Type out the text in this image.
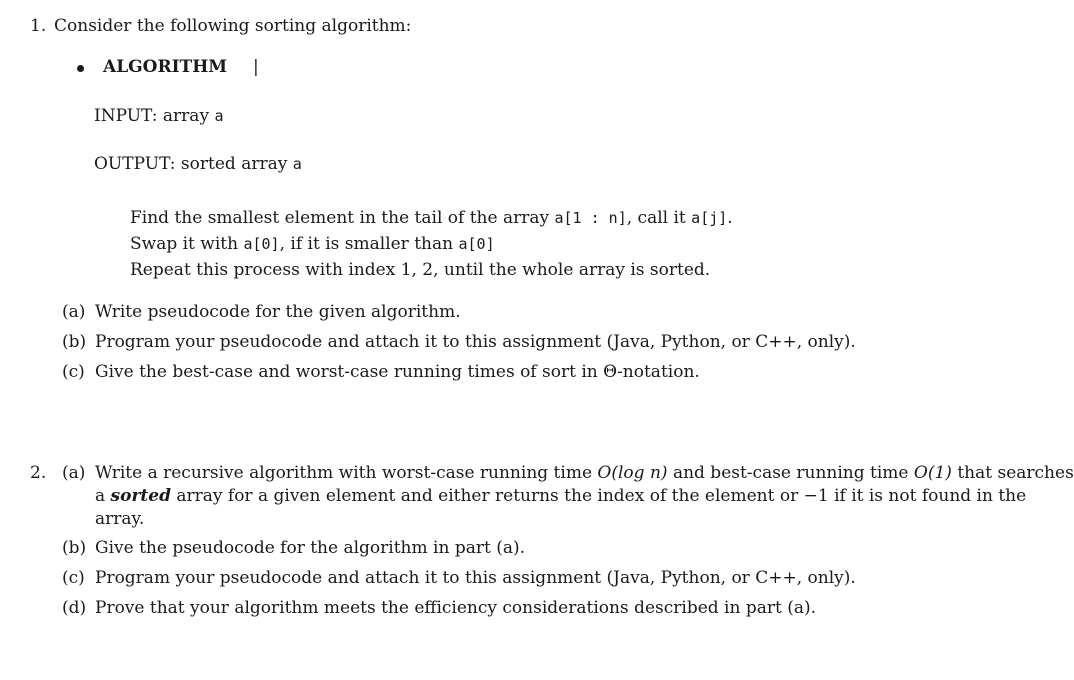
1. Consider the following sorting algorithm:
ALGORITHM |
INPUT: array a
OUTPUT: sorted array a
Find the smallest element in the tail of the array a[1 : n], call it a[j].
Swap it with a[0], if it is smaller than a[0]
Repeat this process with index 1, 2, until the whole array is sorted.
(a) Write pseudocode for the given algorithm.
(b) Program your pseudocode and attach it to this assignment (Java, Python, or C++, only).
(c) Give the best-case and worst-case running times of sort in Θ-notation.
2. (a) Write a recursive algorithm with worst-case running time O(log n) and best-case running time O(1) that searches
a sorted array for a given element and either returns the index of the element or −1 if it is not found in the
array.
(b) Give the pseudocode for the algorithm in part (a).
(c) Program your pseudocode and attach it to this assignment (Java, Python, or C++, only).
(d) Prove that your algorithm meets the efficiency considerations described in part (a).
